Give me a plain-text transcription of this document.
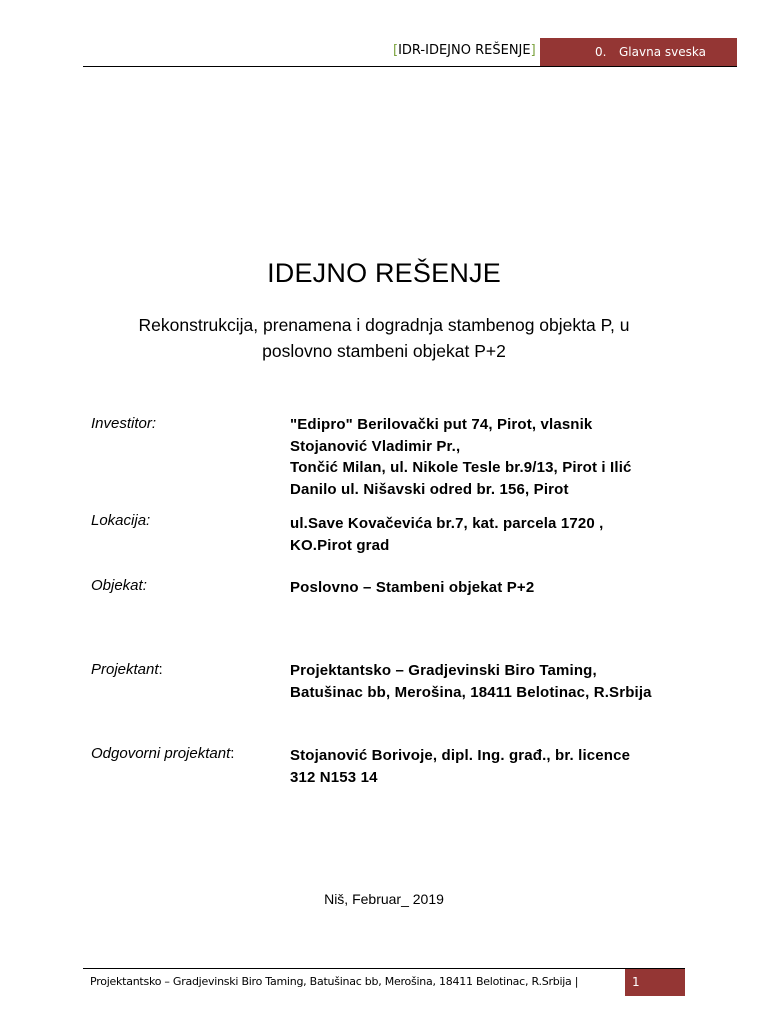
[IDR-IDEJNO REŠENJE]	0. Glavna sveska
IDEJNO REŠENJE
Rekonstrukcija, prenamena i dogradnja stambenog objekta P, u
poslovno stambeni objekat P+2
Investitor:	"Edipro" Berilovački put 74, Pirot, vlasnik
Stojanović Vladimir Pr.,
Tončić Milan, ul. Nikole Tesle br.9/13, Pirot i Ilić
Danilo ul. Nišavski odred br. 156, Pirot
Lokacija:	ul.Save Kovačevića br.7, kat. parcela 1720 ,
KO.Pirot grad
Objekat:	Poslovno – Stambeni objekat P+2
Projektant:	Projektantsko – Gradjevinski Biro Taming,
Batušinac bb, Merošina, 18411 Belotinac, R.Srbija
Odgovorni projektant:	Stojanović Borivoje, dipl. Ing. građ., br. licence
312 N153 14
Niš, Februar_ 2019
Projektantsko – Gradjevinski Biro Taming, Batušinac bb, Merošina, 18411 Belotinac, R.Srbija |	1
